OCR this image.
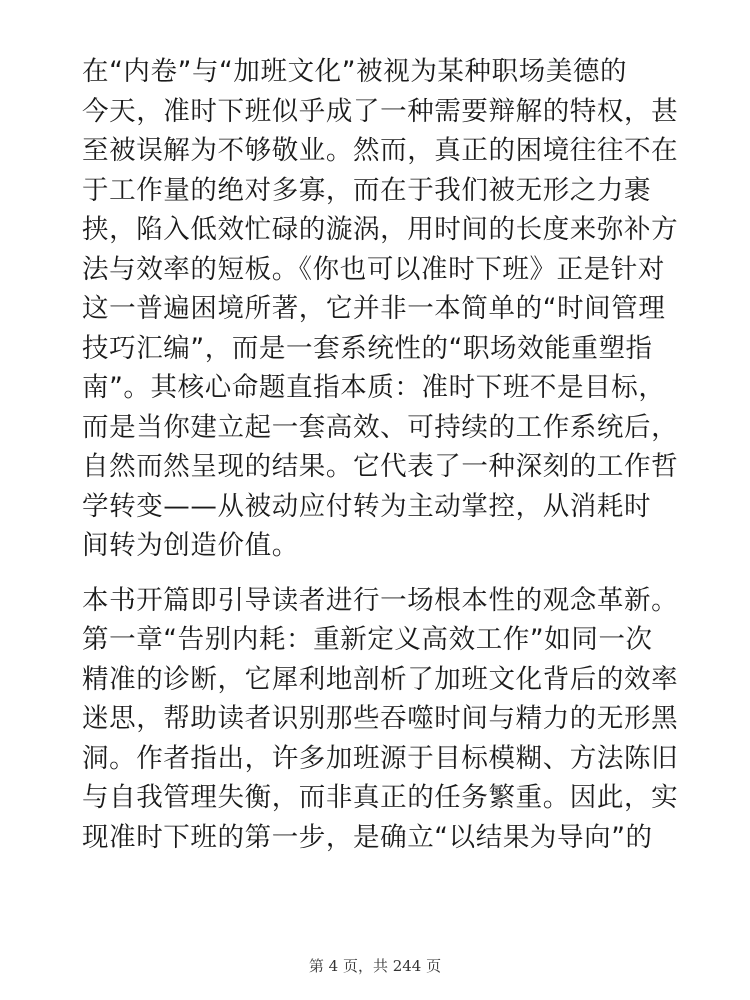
在“内卷”与“加班文化”被视为某种职场美德的
今天，准时下班似乎成了一种需要辩解的特权，甚
至被误解为不够敬业。然而，真正的困境往往不在
于工作量的绝对多寡，而在于我们被无形之力裹
挟，陷入低效忙碌的漩涡，用时间的长度来弥补方
法与效率的短板。《你也可以准时下班》正是针对
这一普遍困境所著，它并非一本简单的“时间管理
技巧汇编”，而是一套系统性的“职场效能重塑指
南”。其核心命题直指本质：准时下班不是目标，
而是当你建立起一套高效、可持续的工作系统后，
自然而然呈现的结果。它代表了一种深刻的工作哲
学转变——从被动应付转为主动掌控，从消耗时
间转为创造价值。

本书开篇即引导读者进行一场根本性的观念革新。
第一章“告别内耗：重新定义高效工作”如同一次
精准的诊断，它犀利地剖析了加班文化背后的效率
迷思，帮助读者识别那些吞噬时间与精力的无形黑
洞。作者指出，许多加班源于目标模糊、方法陈旧
与自我管理失衡，而非真正的任务繁重。因此，实
现准时下班的第一步，是确立“以结果为导向”的

第 4 页，共 244 页
